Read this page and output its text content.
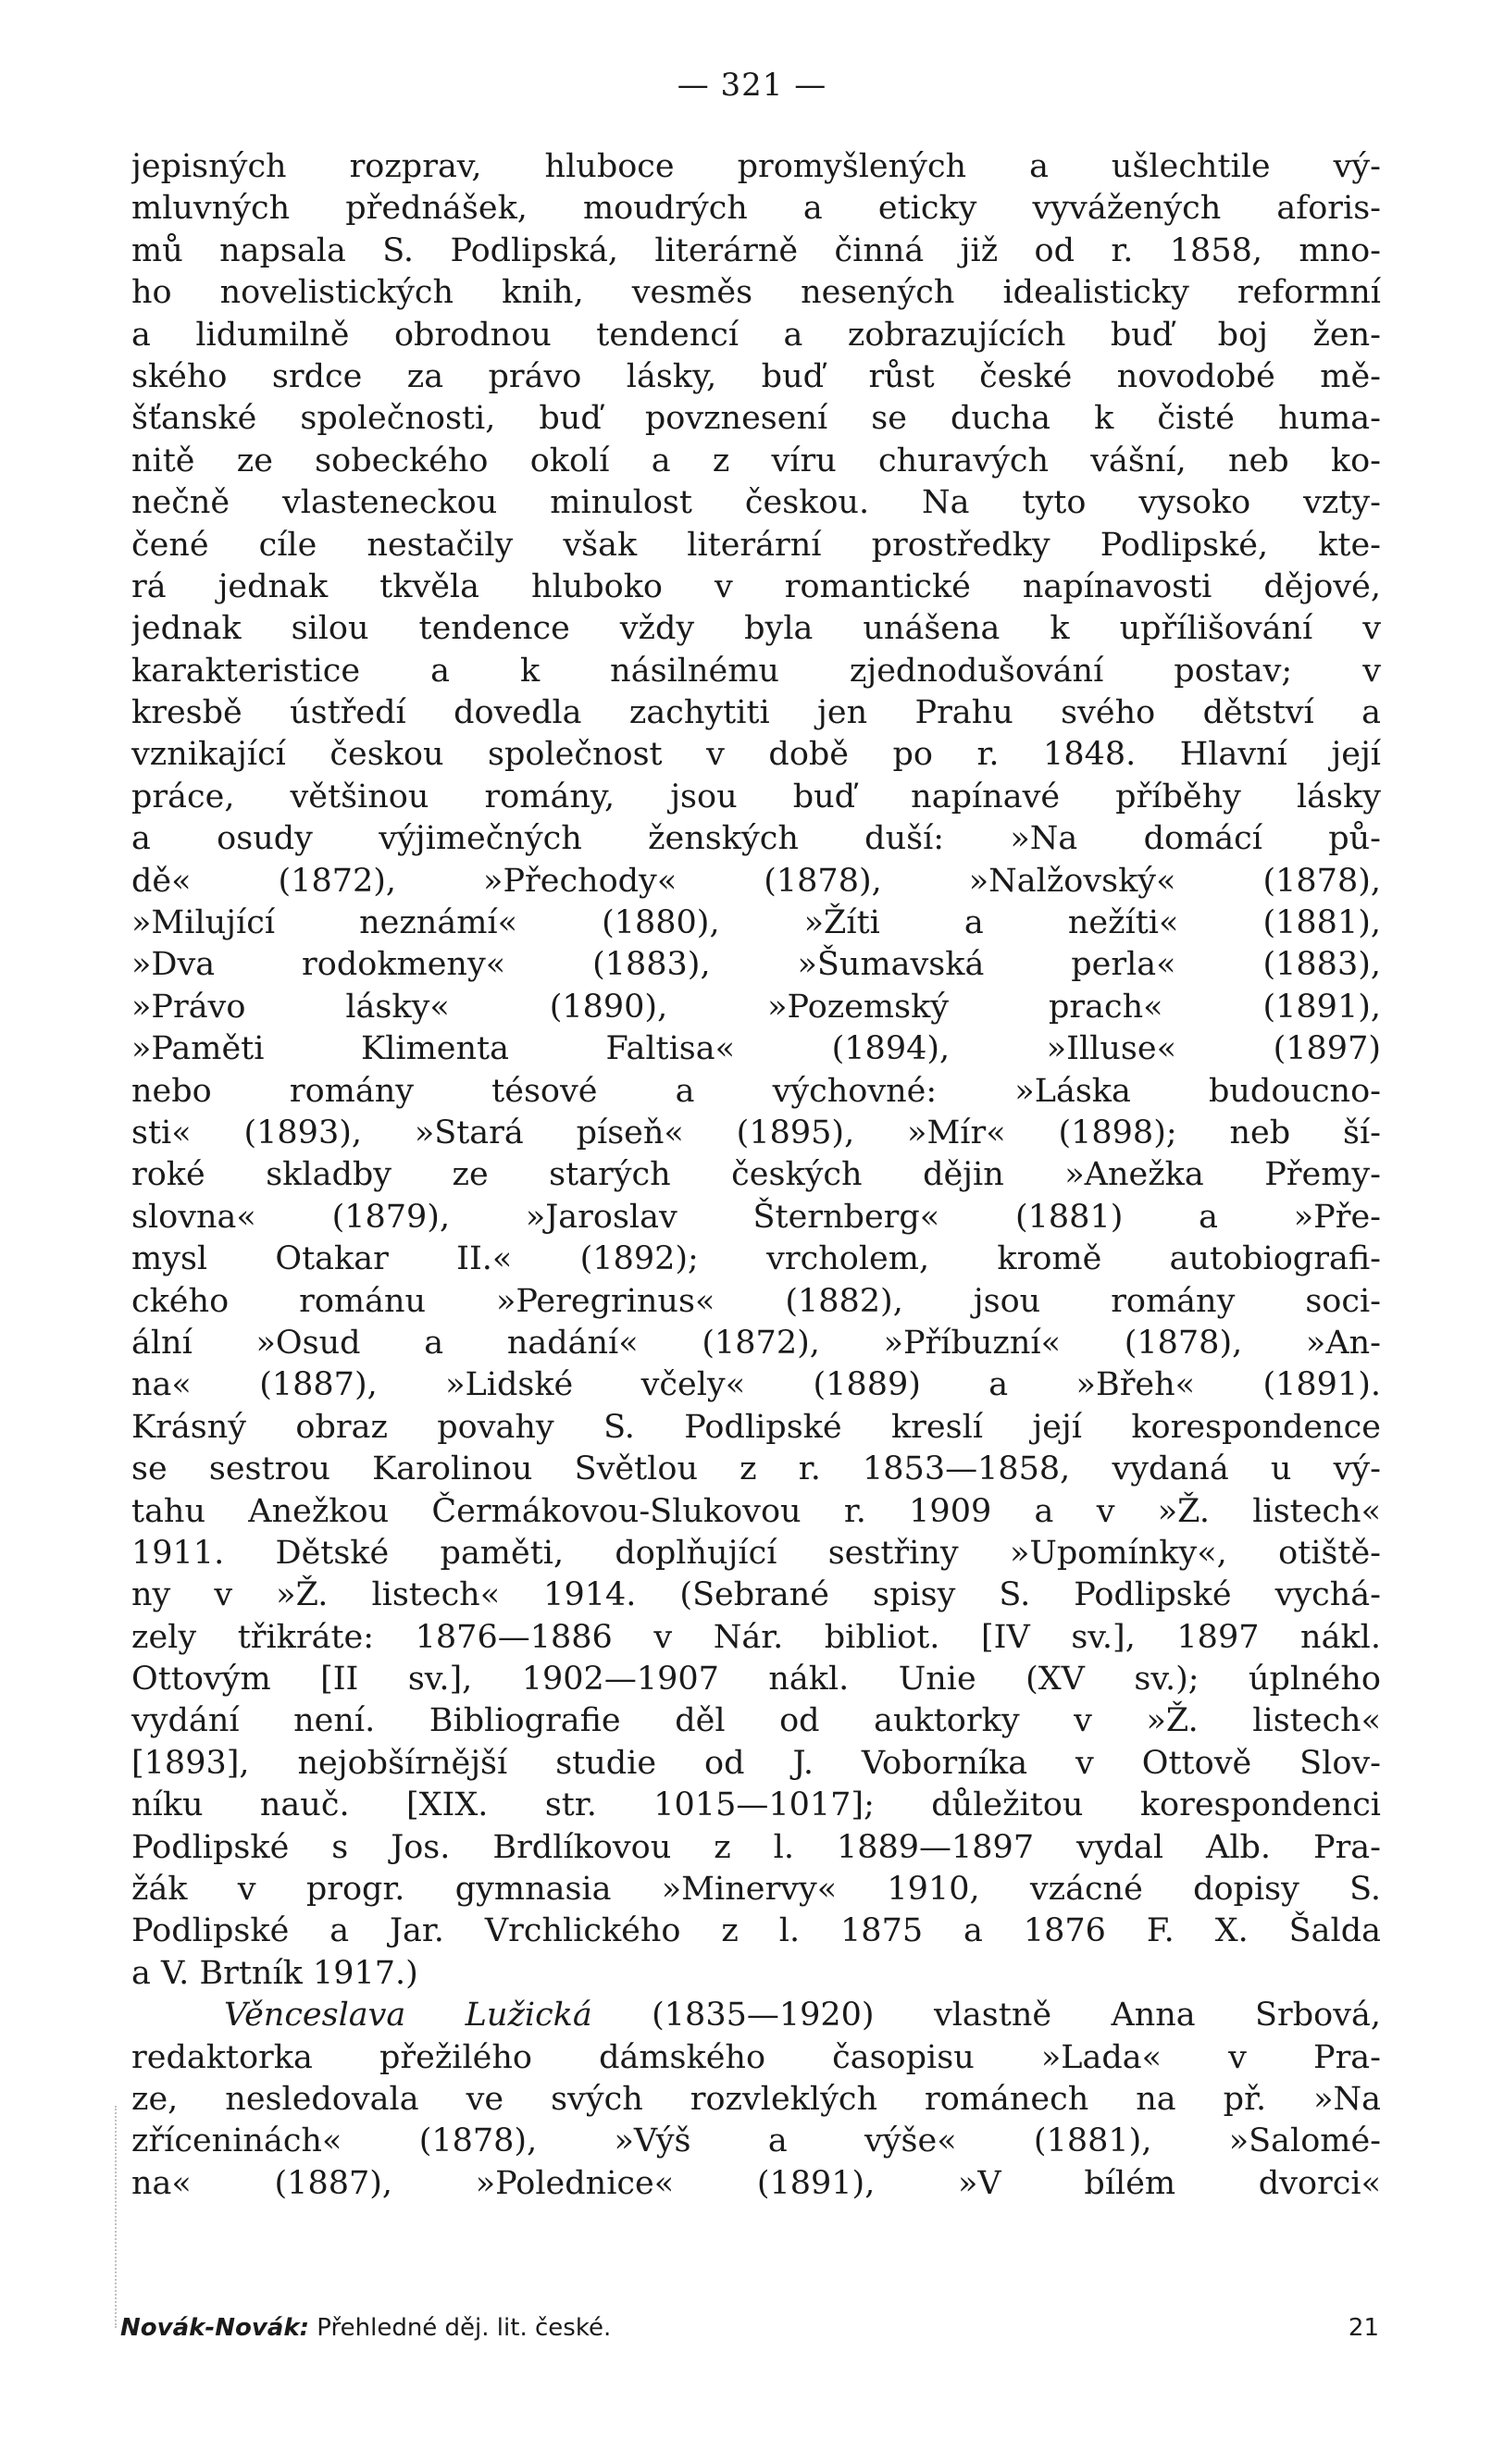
— 321 —
jepisných rozprav, hluboce promyšlených a ušlechtile vý-
mluvných přednášek, moudrých a eticky vyvážených aforis-
mů napsala S. Podlipská, literárně činná již od r. 1858, mno-
ho novelistických knih, vesměs nesených idealisticky reformní
a lidumilně obrodnou tendencí a zobrazujících buď boj žen-
ského srdce za právo lásky, buď růst české novodobé mě-
šťanské společnosti, buď povznesení se ducha k čisté huma-
nitě ze sobeckého okolí a z víru churavých vášní, neb ko-
nečně vlasteneckou minulost českou. Na tyto vysoko vzty-
čené cíle nestačily však literární prostředky Podlipské, kte-
rá jednak tkvěla hluboko v romantické napínavosti dějové,
jednak silou tendence vždy byla unášena k upřílišování v
karakteristice a k násilnému zjednodušování postav; v
kresbě ústředí dovedla zachytiti jen Prahu svého dětství a
vznikající českou společnost v době po r. 1848. Hlavní její
práce, většinou romány, jsou buď napínavé příběhy lásky
a osudy výjimečných ženských duší: »Na domácí pů-
dě« (1872), »Přechody« (1878), »Nalžovský« (1878),
»Milující neznámí« (1880), »Žíti a nežíti« (1881),
»Dva rodokmeny« (1883), »Šumavská perla« (1883),
»Právo lásky« (1890), »Pozemský prach« (1891),
»Paměti Klimenta Faltisa« (1894), »Illuse« (1897)
nebo romány tésové a výchovné: »Láska budoucno-
sti« (1893), »Stará píseň« (1895), »Mír« (1898); neb ší-
roké skladby ze starých českých dějin »Anežka Přemy-
slovna« (1879), »Jaroslav Šternberg« (1881) a »Pře-
mysl Otakar II.« (1892); vrcholem, kromě autobiografi-
ckého románu »Peregrinus« (1882), jsou romány soci-
ální »Osud a nadání« (1872), »Příbuzní« (1878), »An-
na« (1887), »Lidské včely« (1889) a »Břeh« (1891).
Krásný obraz povahy S. Podlipské kreslí její korespondence
se sestrou Karolinou Světlou z r. 1853—1858, vydaná u vý-
tahu Anežkou Čermákovou-Slukovou r. 1909 a v »Ž. listech«
1911. Dětské paměti, doplňující sestřiny »Upomínky«, otiště-
ny v »Ž. listech« 1914. (Sebrané spisy S. Podlipské vychá-
zely třikráte: 1876—1886 v Nár. bibliot. [IV sv.], 1897 nákl.
Ottovým [II sv.], 1902—1907 nákl. Unie (XV sv.); úplného
vydání není. Bibliografie děl od auktorky v »Ž. listech«
[1893], nejobšírnější studie od J. Voborníka v Ottově Slov-
níku nauč. [XIX. str. 1015—1017]; důležitou korespondenci
Podlipské s Jos. Brdlíkovou z l. 1889—1897 vydal Alb. Pra-
žák v progr. gymnasia »Minervy« 1910, vzácné dopisy S.
Podlipské a Jar. Vrchlického z l. 1875 a 1876 F. X. Šalda
a V. Brtník 1917.)
Věnceslava Lužická (1835—1920) vlastně Anna Srbová,
redaktorka přežilého dámského časopisu »Lada« v Pra-
ze, nesledovala ve svých rozvleklých románech na př. »Na
zříceninách« (1878), »Výš a výše« (1881), »Salomé-
na« (1887), »Polednice« (1891), »V bílém dvorci«
Novák-Novák: Přehledné děj. lit. české.	21
